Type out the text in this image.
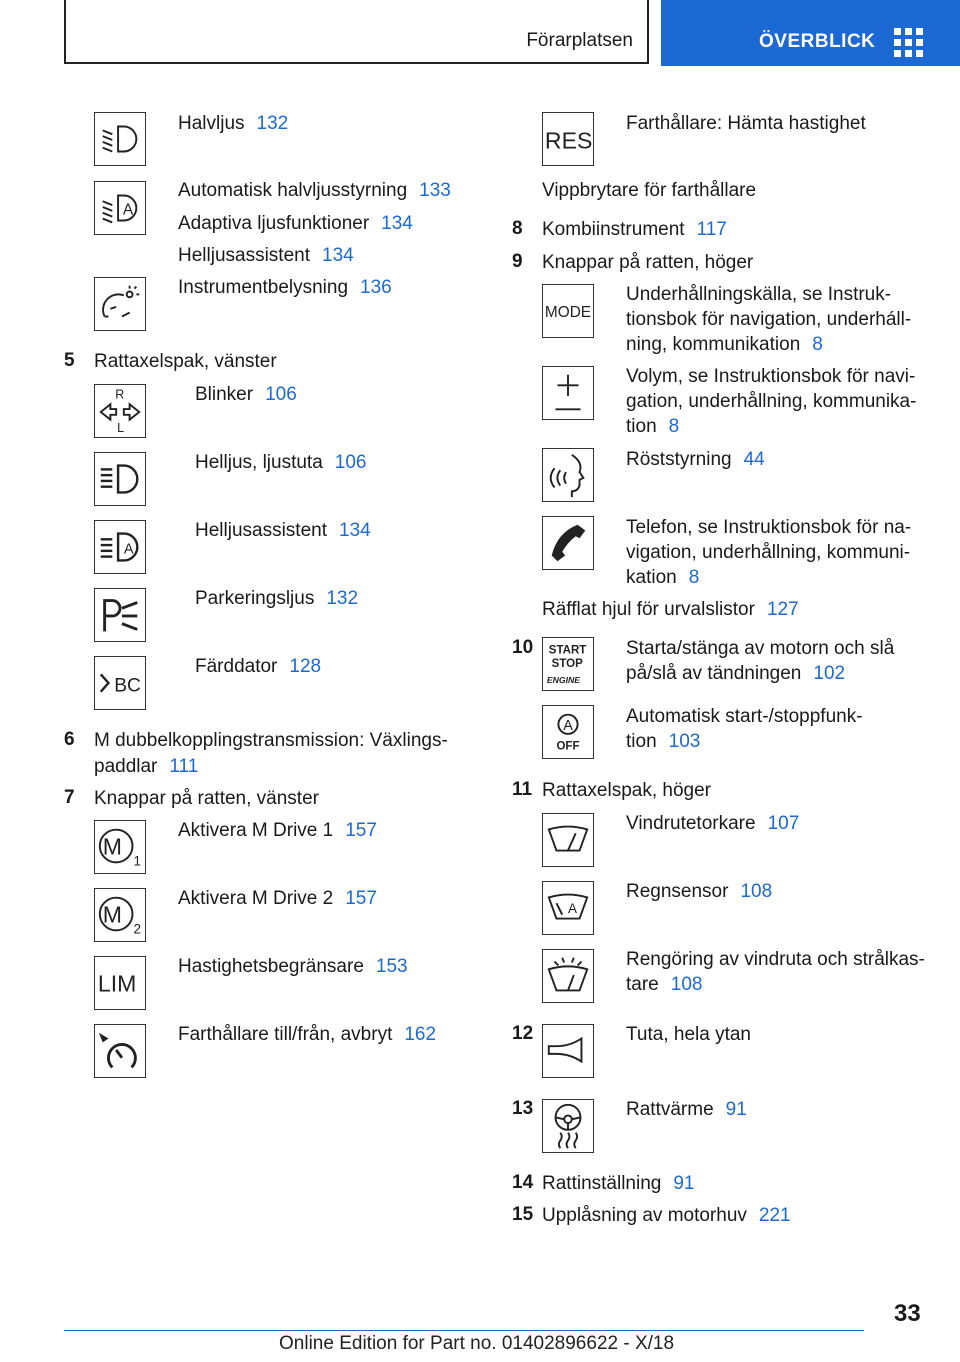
Förarplatsen	ÖVERBLICK
Halvljus 132
A
Automatisk halvljusstyrning 133
Adaptiva ljusfunktioner 134
Helljusassistent 134
Instrumentbelysning 136
5 Rattaxelspak, vänster
R
L
Blinker 106
Helljus, ljustuta 106
A
Helljusassistent 134
Parkeringsljus 132
BC
Färddator 128
6 M dubbelkopplingstransmission: Växlings-
paddlar 111
7 Knappar på ratten, vänster
M
1
Aktivera M Drive 1 157
M
2
Aktivera M Drive 2 157
LIM
Hastighetsbegränsare 153
Farthållare till/från, avbryt 162
RES
Farthållare: Hämta hastighet
Vippbrytare för farthållare
8 Kombiinstrument 117
9 Knappar på ratten, höger
MODE
Underhållningskälla, se Instruk-
tionsbok för navigation, underháll-
ning, kommunikation 8
Volym, se Instruktionsbok för navi-
gation, underhållning, kommunika-
tion 8
Röststyrning 44
Telefon, se Instruktionsbok för na-
vigation, underhållning, kommuni-
kation 8
Räfflat hjul för urvalslistor 127
10 START
STOP
ENGINE
Starta/stänga av motorn och slå
på/slå av tändningen 102
A
OFF
Automatisk start-/stoppfunk-
tion 103
11 Rattaxelspak, höger
Vindrutetorkare 107
A
Regnsensor 108
Rengöring av vindruta och strålkas-
tare 108
12	Tuta, hela ytan
13	Rattvärme 91
14 Rattinställning 91
15 Upplåsning av motorhuv 221
33
Online Edition for Part no. 01402896622 - X/18
